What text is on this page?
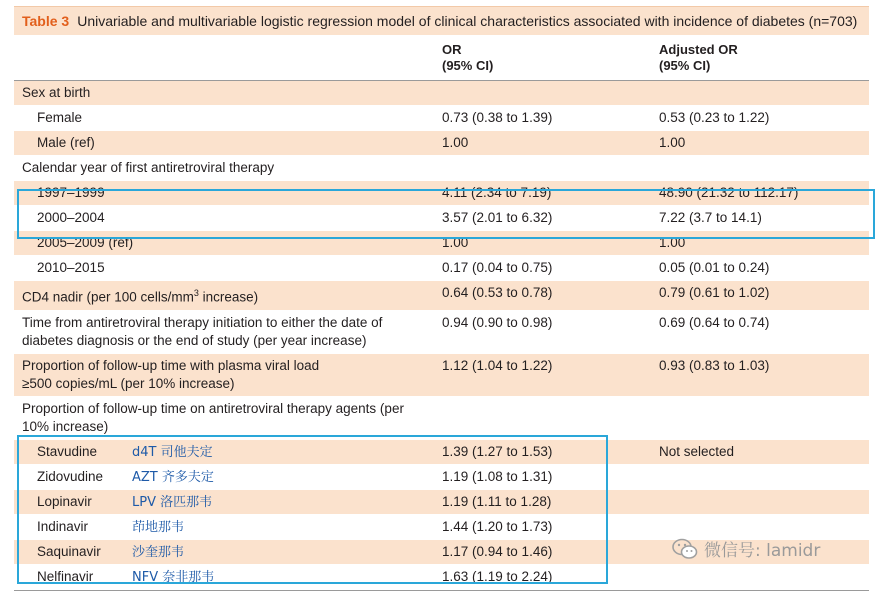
Table 3 Univariable and multivariable logistic regression model of clinical characteristics associated with incidence of diabetes (n=703)
OR
(95% CI)
Adjusted OR
(95% CI)
Sex at birth
Female	0.73 (0.38 to 1.39)	0.53 (0.23 to 1.22)
Male (ref)	1.00	1.00
Calendar year of first antiretroviral therapy
1997–1999	4.11 (2.34 to 7.19)	48.90 (21.32 to 112.17)
2000–2004	3.57 (2.01 to 6.32)	7.22 (3.7 to 14.1)
2005–2009 (ref)	1.00	1.00
2010–2015	0.17 (0.04 to 0.75)	0.05 (0.01 to 0.24)
CD4 nadir (per 100 cells/$mm^3$ increase)	0.64 (0.53 to 0.78)	0.79 (0.61 to 1.02)
Time from antiretroviral therapy initiation to either the date of diabetes diagnosis or the end of study (per year increase)
0.94 (0.90 to 0.98)	0.69 (0.64 to 0.74)
Proportion of follow-up time with plasma viral load ≥500 copies/mL (per 10% increase)
1.12 (1.04 to 1.22)	0.93 (0.83 to 1.03)
Proportion of follow-up time on antiretroviral therapy agents (per 10% increase)
Stavudine	d4T 司他夫定	1.39 (1.27 to 1.53)	Not selected
Zidovudine	AZT 齐多夫定	1.19 (1.08 to 1.31)
Lopinavir	LPV 洛匹那韦	1.19 (1.11 to 1.28)
Indinavir	茚地那韦	1.44 (1.20 to 1.73)
Saquinavir	沙奎那韦	1.17 (0.94 to 1.46)
Nelfinavir	NFV 奈非那韦	1.63 (1.19 to 2.24)
微信号: lamidr
